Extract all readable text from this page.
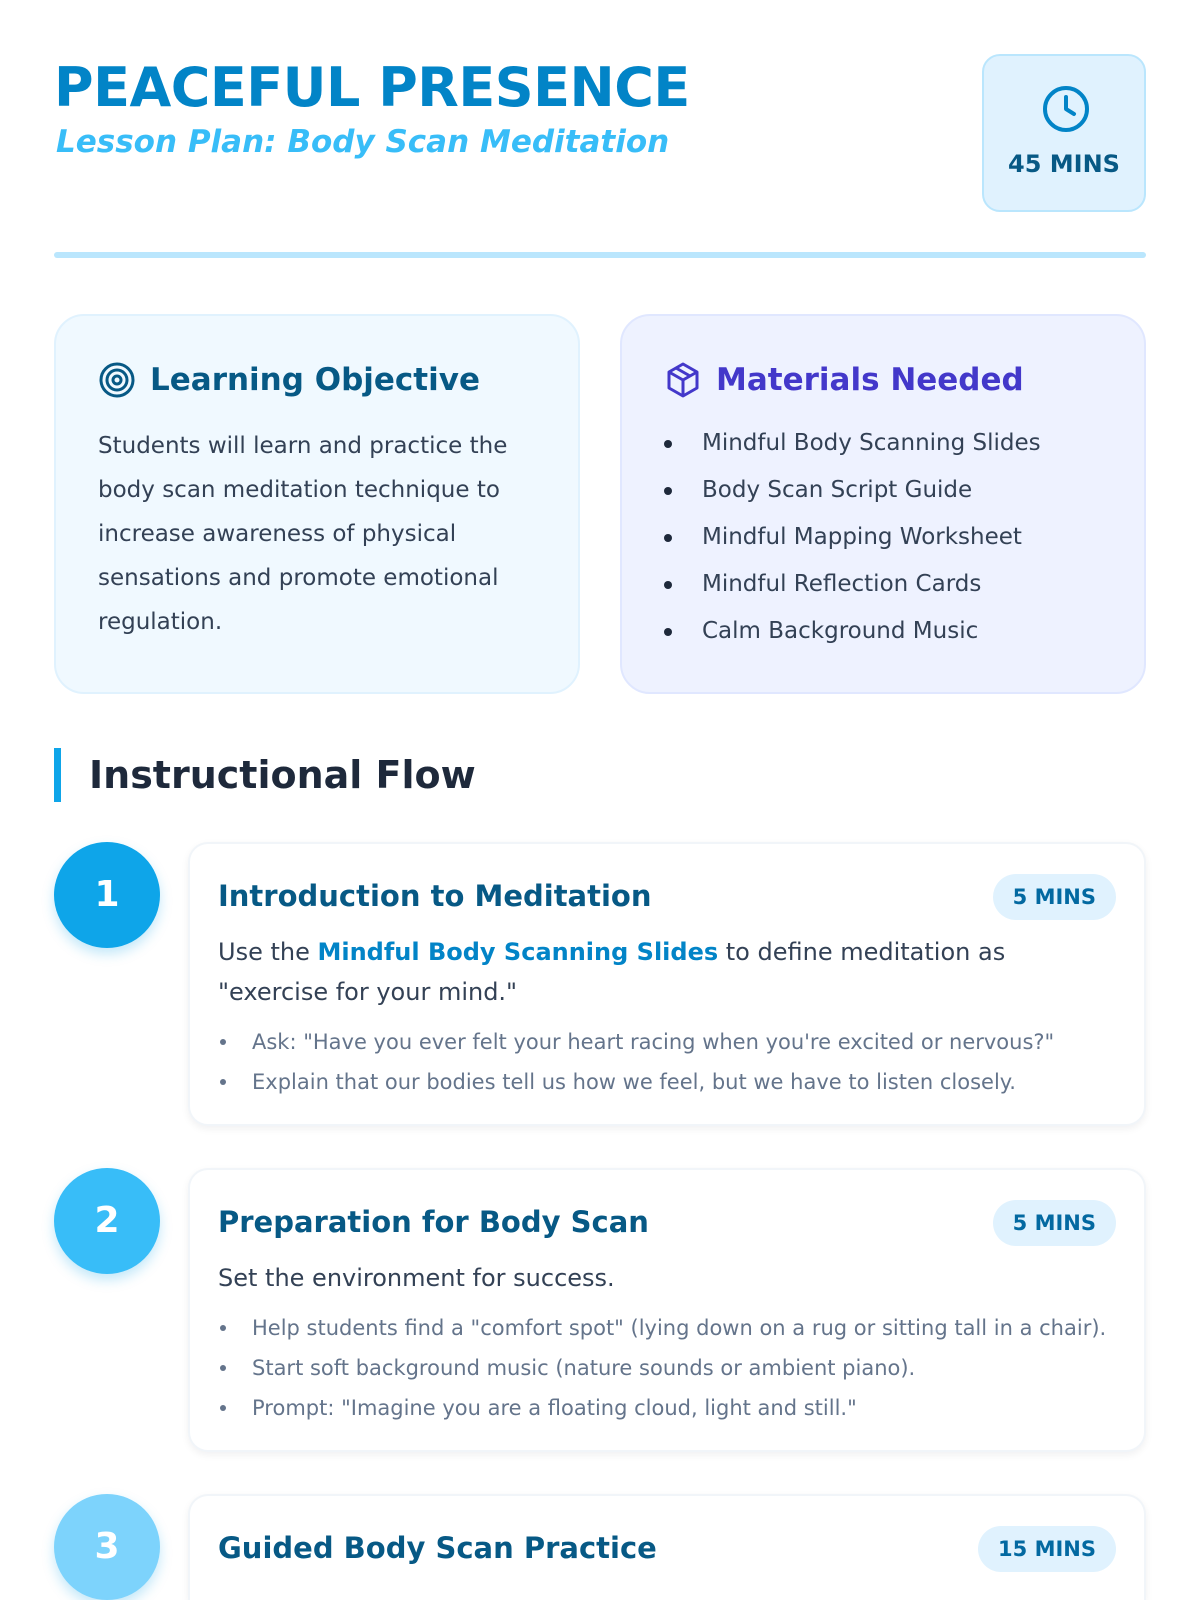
PEACEFUL PRESENCE
Lesson Plan: Body Scan Meditation
45 MINS
Learning Objective

Students will learn and practice the body scan meditation technique to increase awareness of physical sensations and promote emotional regulation.

Materials Needed
Mindful Body Scanning Slides
Body Scan Script Guide
Mindful Mapping Worksheet
Mindful Reflection Cards
Calm Background Music
Instructional Flow
1	Introduction to Meditation	5 MINS

Use the Mindful Body Scanning Slides to define meditation as "exercise for your mind."

Ask: "Have you ever felt your heart racing when you're excited or nervous?"
Explain that our bodies tell us how we feel, but we have to listen closely.
2	Preparation for Body Scan	5 MINS

Set the environment for success.

Help students find a "comfort spot" (lying down on a rug or sitting tall in a chair).
Start soft background music (nature sounds or ambient piano).
Prompt: "Imagine you are a floating cloud, light and still."
3	Guided Body Scan Practice	15 MINS
